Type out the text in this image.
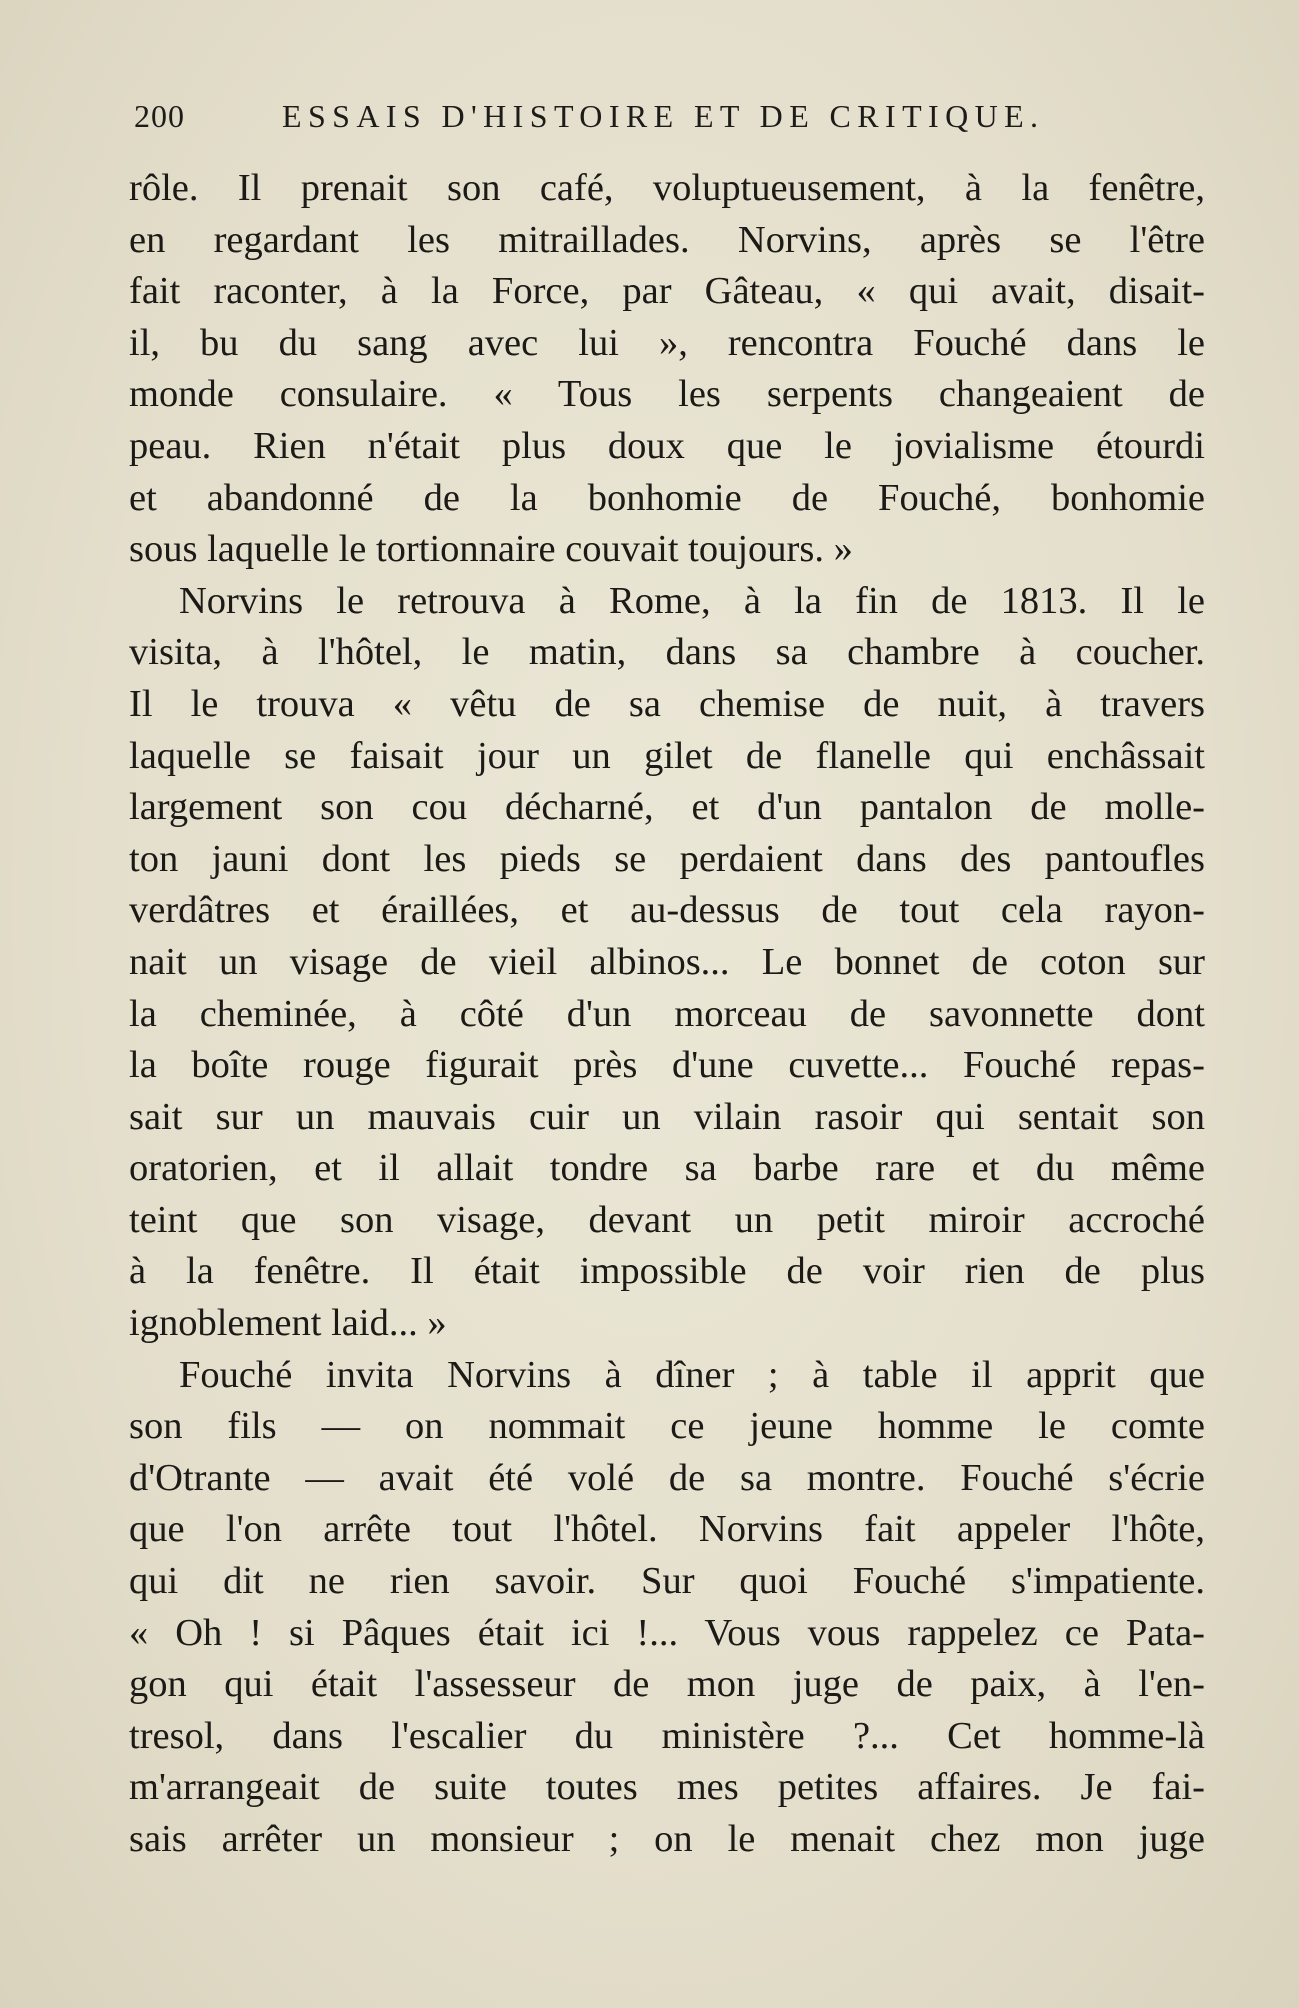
200	ESSAIS D'HISTOIRE ET DE CRITIQUE.
rôle. Il prenait son café, voluptueusement, à la fenêtre,
en regardant les mitraillades. Norvins, après se l'être
fait raconter, à la Force, par Gâteau, « qui avait, disait-
il, bu du sang avec lui », rencontra Fouché dans le
monde consulaire. « Tous les serpents changeaient de
peau. Rien n'était plus doux que le jovialisme étourdi
et abandonné de la bonhomie de Fouché, bonhomie
sous laquelle le tortionnaire couvait toujours. »
Norvins le retrouva à Rome, à la fin de 1813. Il le
visita, à l'hôtel, le matin, dans sa chambre à coucher.
Il le trouva « vêtu de sa chemise de nuit, à travers
laquelle se faisait jour un gilet de flanelle qui enchâssait
largement son cou décharné, et d'un pantalon de molle-
ton jauni dont les pieds se perdaient dans des pantoufles
verdâtres et éraillées, et au-dessus de tout cela rayon-
nait un visage de vieil albinos... Le bonnet de coton sur
la cheminée, à côté d'un morceau de savonnette dont
la boîte rouge figurait près d'une cuvette... Fouché repas-
sait sur un mauvais cuir un vilain rasoir qui sentait son
oratorien, et il allait tondre sa barbe rare et du même
teint que son visage, devant un petit miroir accroché
à la fenêtre. Il était impossible de voir rien de plus
ignoblement laid... »
Fouché invita Norvins à dîner ; à table il apprit que
son fils — on nommait ce jeune homme le comte
d'Otrante — avait été volé de sa montre. Fouché s'écrie
que l'on arrête tout l'hôtel. Norvins fait appeler l'hôte,
qui dit ne rien savoir. Sur quoi Fouché s'impatiente.
« Oh ! si Pâques était ici !... Vous vous rappelez ce Pata-
gon qui était l'assesseur de mon juge de paix, à l'en-
tresol, dans l'escalier du ministère ?... Cet homme-là
m'arrangeait de suite toutes mes petites affaires. Je fai-
sais arrêter un monsieur ; on le menait chez mon juge
